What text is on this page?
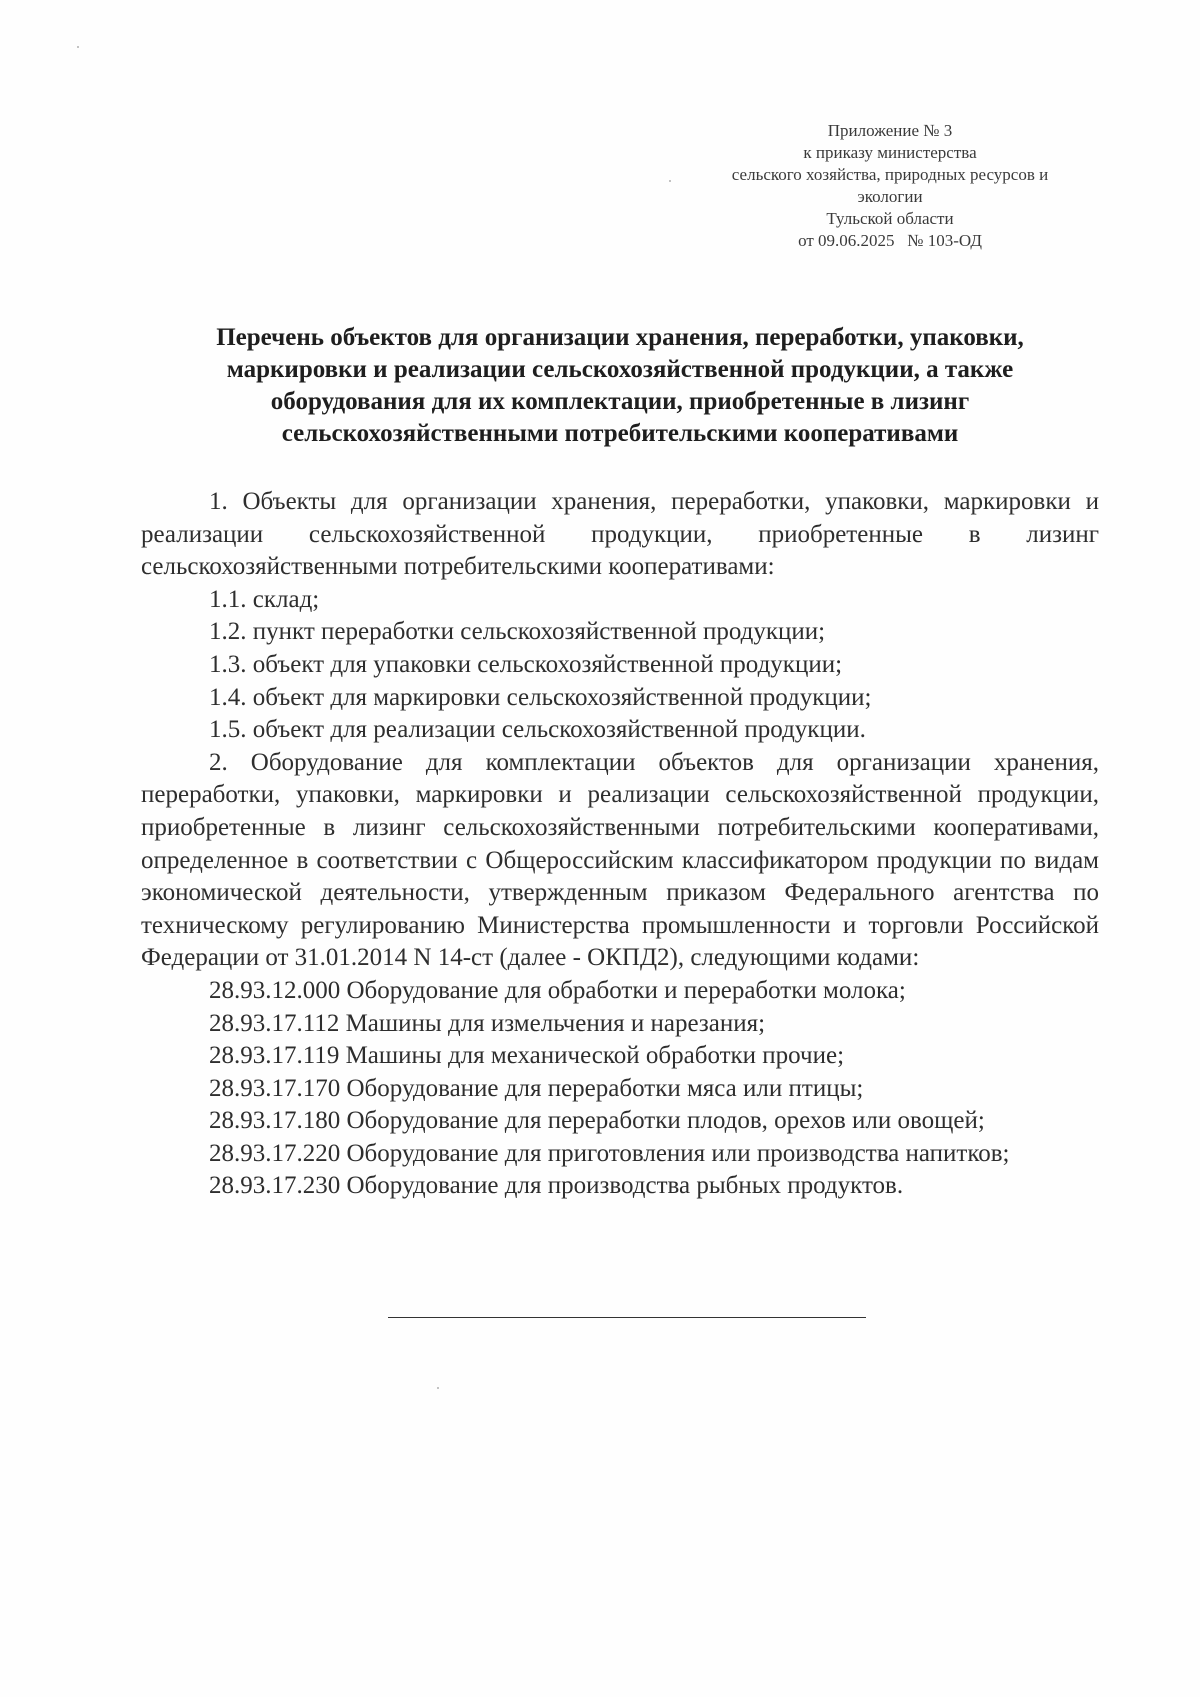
Приложение № 3
к приказу министерства
сельского хозяйства, природных ресурсов и
экологии
Тульской области
от 09.06.2025   № 103-ОД
Перечень объектов для организации хранения, переработки, упаковки,
маркировки и реализации сельскохозяйственной продукции, а также
оборудования для их комплектации, приобретенные в лизинг
сельскохозяйственными потребительскими кооперативами

1. Объекты для организации хранения, переработки, упаковки, маркировки и реализации сельскохозяйственной продукции, приобретенные в лизинг сельскохозяйственными потребительскими кооперативами:

1.1. склад;

1.2. пункт переработки сельскохозяйственной продукции;

1.3. объект для упаковки сельскохозяйственной продукции;

1.4. объект для маркировки сельскохозяйственной продукции;

1.5. объект для реализации сельскохозяйственной продукции.

2. Оборудование для комплектации объектов для организации хранения, переработки, упаковки, маркировки и реализации сельскохозяйственной продукции, приобретенные в лизинг сельскохозяйственными потребительскими кооперативами, определенное в соответствии с Общероссийским классификатором продукции по видам экономической деятельности, утвержденным приказом Федерального агентства по техническому регулированию Министерства промышленности и торговли Российской Федерации от 31.01.2014 N 14-ст (далее - ОКПД2), следующими кодами:

28.93.12.000 Оборудование для обработки и переработки молока;

28.93.17.112 Машины для измельчения и нарезания;

28.93.17.119 Машины для механической обработки прочие;

28.93.17.170 Оборудование для переработки мяса или птицы;

28.93.17.180 Оборудование для переработки плодов, орехов или овощей;

28.93.17.220 Оборудование для приготовления или производства напитков;

28.93.17.230 Оборудование для производства рыбных продуктов.
